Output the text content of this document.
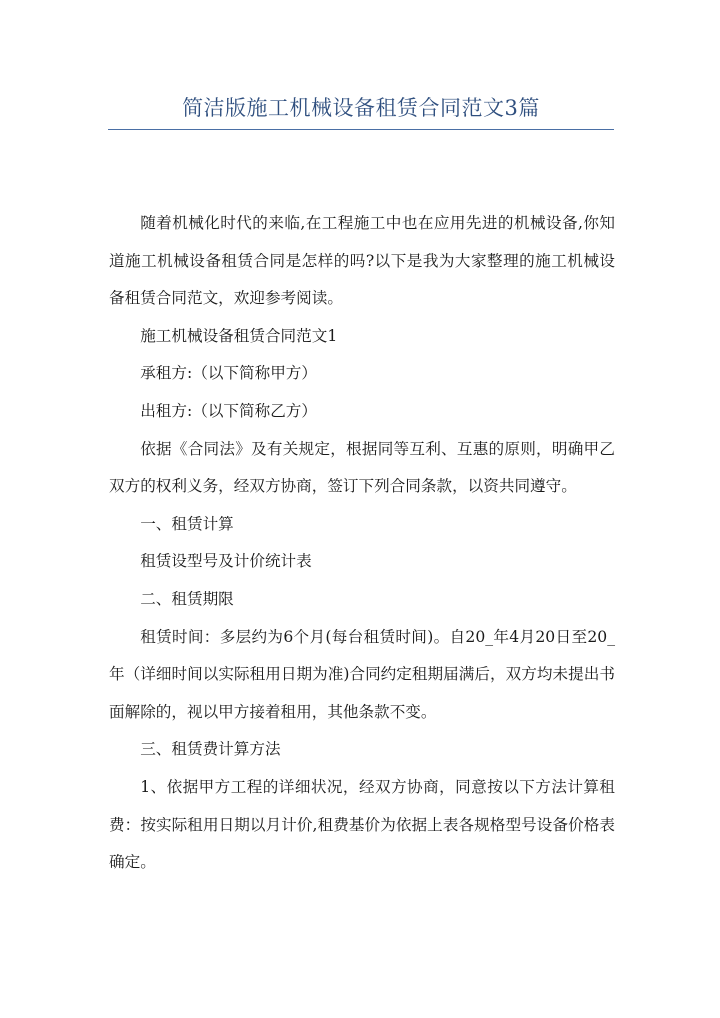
简洁版施工机械设备租赁合同范文3篇

随着机械化时代的来临,在工程施工中也在应用先进的机械设备,你知道施工机械设备租赁合同是怎样的吗?以下是我为大家整理的施工机械设备租赁合同范文，欢迎参考阅读。

施工机械设备租赁合同范文1

承租方:（以下简称甲方）

出租方:（以下简称乙方）

依据《合同法》及有关规定，根据同等互利、互惠的原则，明确甲乙双方的权利义务，经双方协商，签订下列合同条款，以资共同遵守。

一、租赁计算

租赁设型号及计价统计表

二、租赁期限

租赁时间：多层约为6个月(每台租赁时间)。自20_年4月20日至20_年（详细时间以实际租用日期为准)合同约定租期届满后，双方均未提出书面解除的，视以甲方接着租用，其他条款不变。

三、租赁费计算方法

1、依据甲方工程的详细状况，经双方协商，同意按以下方法计算租费：按实际租用日期以月计价,租费基价为依据上表各规格型号设备价格表确定。
